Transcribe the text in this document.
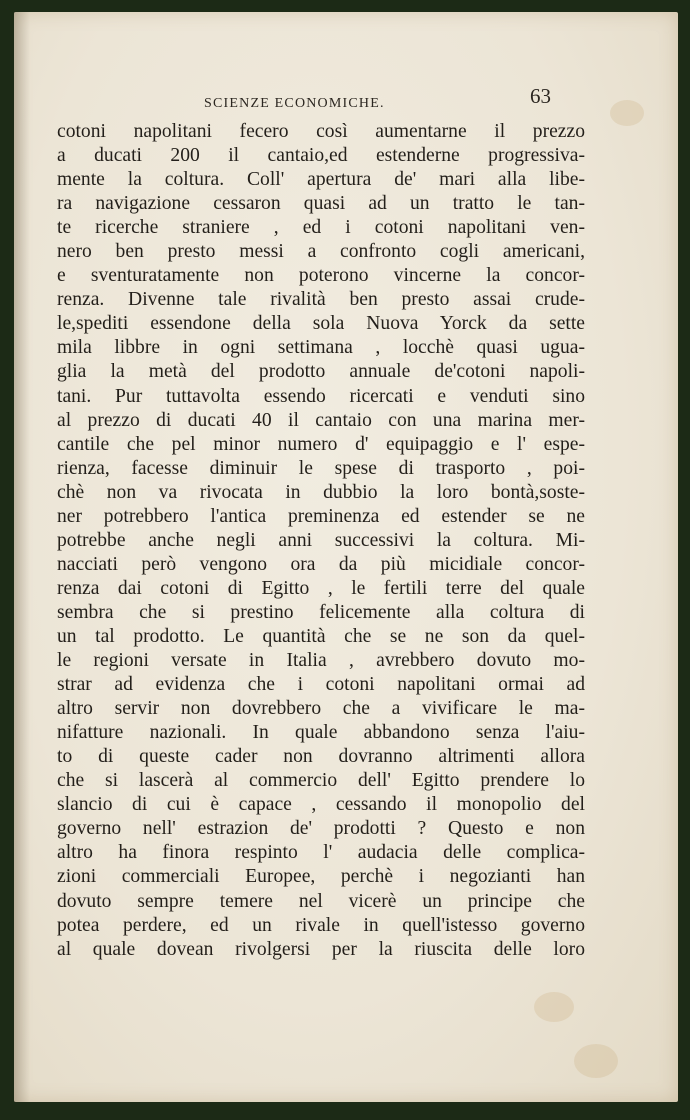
SCIENZE ECONOMICHE.	63
cotoni napolitani fecero così aumentarne il prezzo
a ducati 200 il cantaio,ed estenderne progressiva-
mente la coltura. Coll' apertura de' mari alla libe-
ra navigazione cessaron quasi ad un tratto le tan-
te ricerche straniere , ed i cotoni napolitani ven-
nero ben presto messi a confronto cogli americani,
e sventuratamente non poterono vincerne la concor-
renza. Divenne tale rivalità ben presto assai crude-
le,spediti essendone della sola Nuova Yorck da sette
mila libbre in ogni settimana , locchè quasi ugua-
glia la metà del prodotto annuale de'cotoni napoli-
tani. Pur tuttavolta essendo ricercati e venduti sino
al prezzo di ducati 40 il cantaio con una marina mer-
cantile che pel minor numero d' equipaggio e l' espe-
rienza, facesse diminuir le spese di trasporto , poi-
chè non va rivocata in dubbio la loro bontà,soste-
ner potrebbero l'antica preminenza ed estender se ne
potrebbe anche negli anni successivi la coltura. Mi-
nacciati però vengono ora da più micidiale concor-
renza dai cotoni di Egitto , le fertili terre del quale
sembra che si prestino felicemente alla coltura di
un tal prodotto. Le quantità che se ne son da quel-
le regioni versate in Italia , avrebbero dovuto mo-
strar ad evidenza che i cotoni napolitani ormai ad
altro servir non dovrebbero che a vivificare le ma-
nifatture nazionali. In quale abbandono senza l'aiu-
to di queste cader non dovranno altrimenti allora
che si lascerà al commercio dell' Egitto prendere lo
slancio di cui è capace , cessando il monopolio del
governo nell' estrazion de' prodotti ? Questo e non
altro ha finora respinto l' audacia delle complica-
zioni commerciali Europee, perchè i negozianti han
dovuto sempre temere nel vicerè un principe che
potea perdere, ed un rivale in quell'istesso governo
al quale dovean rivolgersi per la riuscita delle loro
